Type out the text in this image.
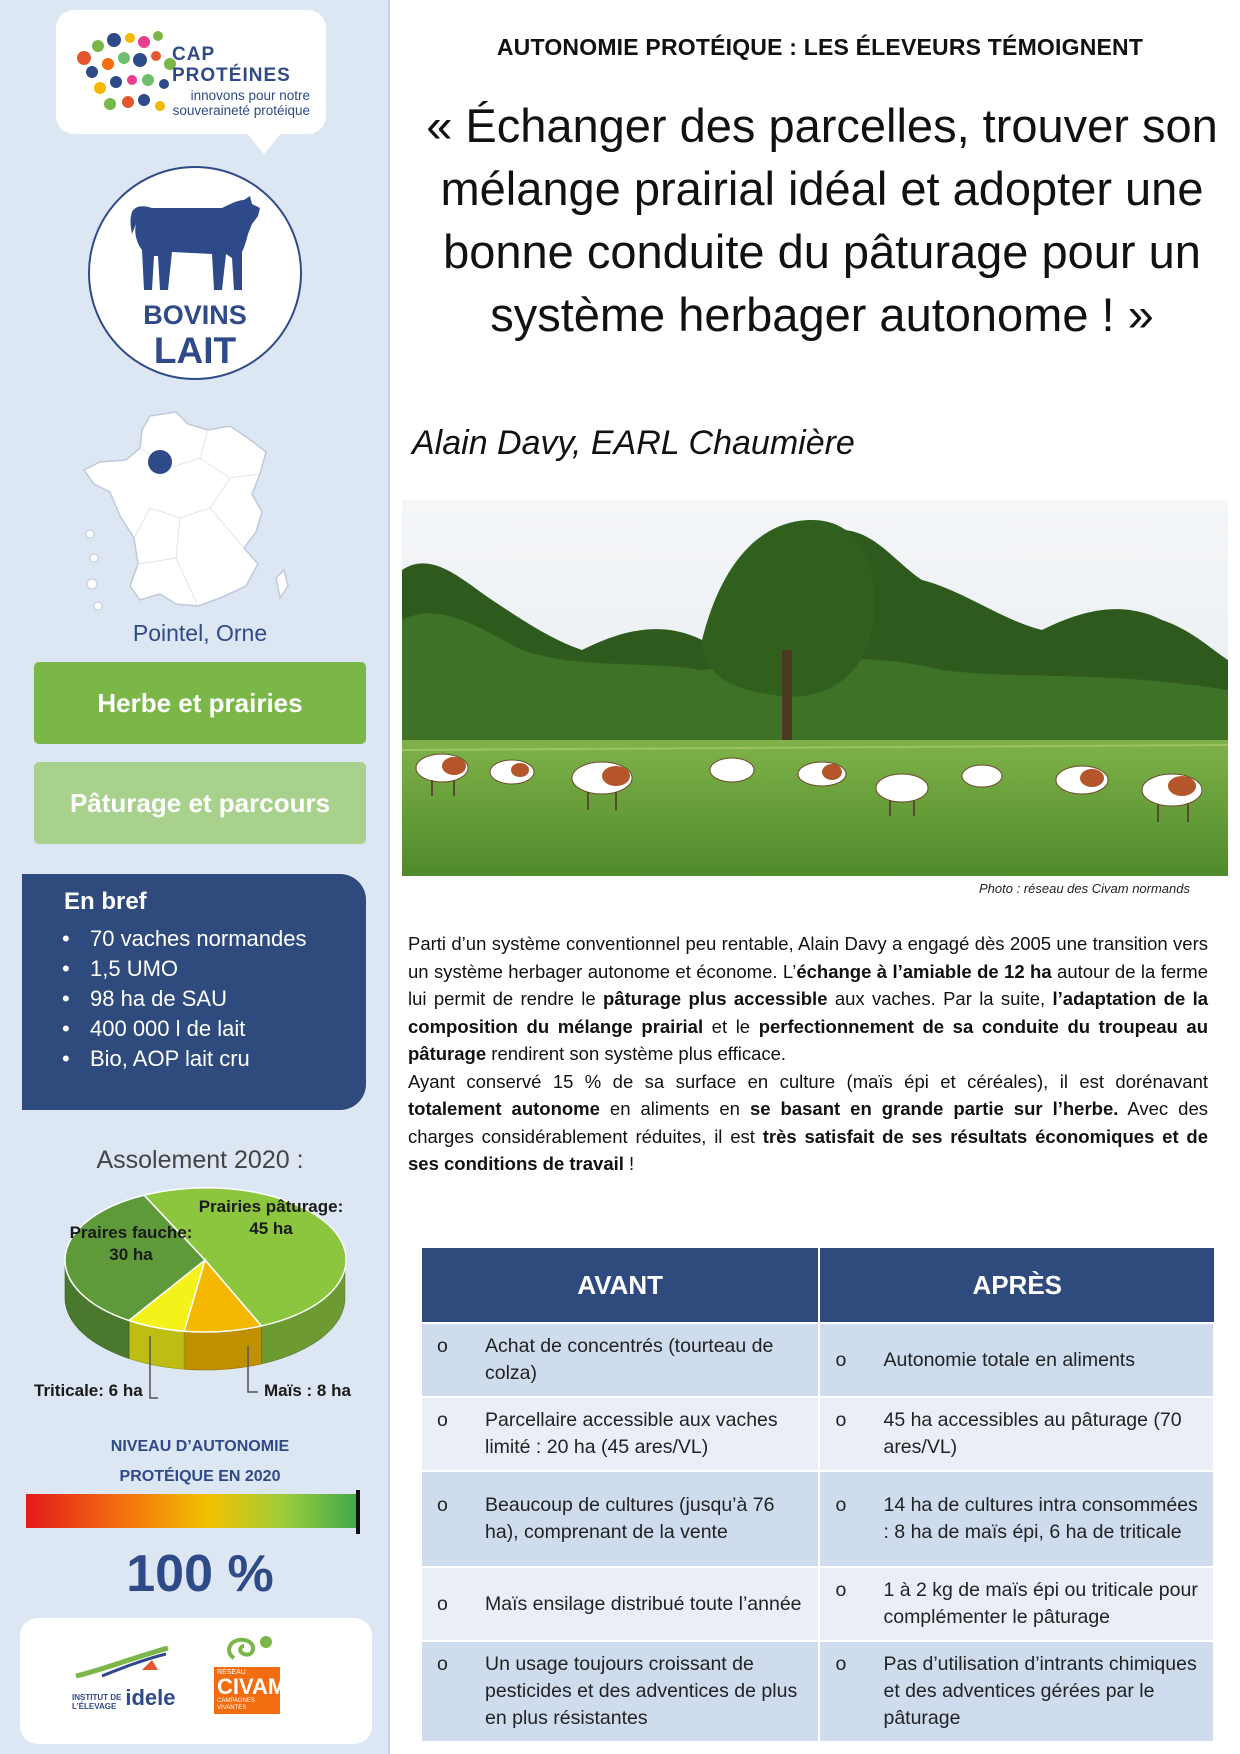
CAP
PROTÉINES
innovons pour notre
souveraineté protéique
BOVINS
LAIT
Pointel, Orne
Herbe et prairies
Pâturage et parcours
En bref
• 70 vaches normandes
• 1,5 UMO
• 98 ha de SAU
• 400 000 l de lait
• Bio, AOP lait cru
Assolement 2020 :
Prairies pâturage:
45 ha
Praires fauche:
30 ha
Triticale: 6 ha	Maïs : 8 ha
NIVEAU D’AUTONOMIE
PROTÉIQUE EN 2020
100 %
INSTITUT DE
L’ÉLEVAGE idele
RÉSEAU
CIVAM
CAMPAGNES
VIVANTES
AUTONOMIE PROTÉIQUE : LES ÉLEVEURS TÉMOIGNENT
« Échanger des parcelles, trouver son mélange prairial idéal et adopter une bonne conduite du pâturage pour un système herbager autonome ! »
Alain Davy, EARL Chaumière
Photo : réseau des Civam normands
Parti d’un système conventionnel peu rentable, Alain Davy a engagé dès 2005 une transition vers un système herbager autonome et économe. L’échange à l’amiable de 12 ha autour de la ferme lui permit de rendre le pâturage plus accessible aux vaches. Par la suite, l’adaptation de la composition du mélange prairial et le perfectionnement de sa conduite du troupeau au pâturage rendirent son système plus efficace.
Ayant conservé 15 % de sa surface en culture (maïs épi et céréales), il est dorénavant totalement autonome en aliments en se basant en grande partie sur l’herbe. Avec des charges considérablement réduites, il est très satisfait de ses résultats économiques et de ses conditions de travail !
AVANT	APRÈS

o Achat de concentrés (tourteau de colza)	o Autonomie totale en aliments

o Parcellaire accessible aux vaches limité : 20 ha (45 ares/VL)	o 45 ha accessibles au pâturage (70 ares/VL)

o Beaucoup de cultures (jusqu’à 76 ha), comprenant de la vente	o 14 ha de cultures intra consommées : 8 ha de maïs épi, 6 ha de triticale

o Maïs ensilage distribué toute l’année	o 1 à 2 kg de maïs épi ou triticale pour complémenter le pâturage

o Un usage toujours croissant de pesticides et des adventices de plus en plus résistantes	o Pas d’utilisation d’intrants chimiques et des adventices gérées par le pâturage
